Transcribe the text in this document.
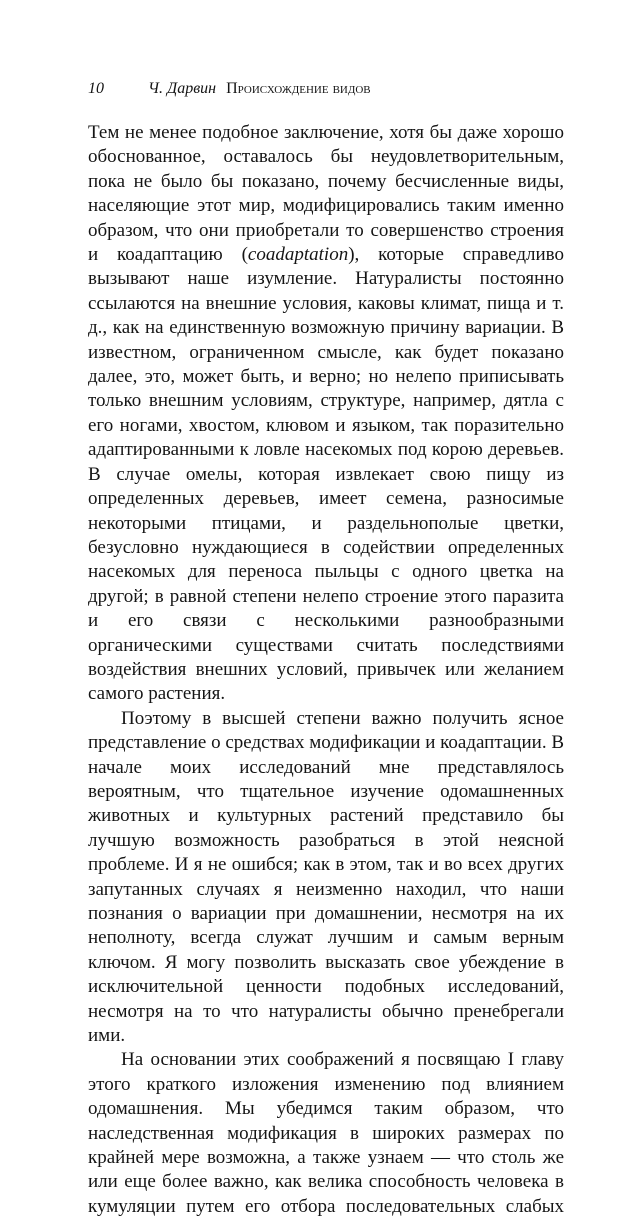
10	Ч. Дарвин Происхождение видов

Тем не менее подобное заключение, хотя бы даже хорошо обоснованное, оставалось бы неудовлетворительным, пока не было бы показано, почему бесчисленные виды, населяющие этот мир, модифицировались таким именно образом, что они приобретали то совершенство строения и коадаптацию (coadaptation), которые справедливо вызывают наше изумление. Натуралисты постоянно ссылаются на внешние условия, каковы климат, пища и т. д., как на единственную возможную причину вариации. В известном, ограниченном смысле, как будет показано далее, это, может быть, и верно; но нелепо приписывать только внешним условиям, структуре, например, дятла с его ногами, хвостом, клювом и языком, так поразительно адаптированными к ловле насекомых под корою деревьев. В случае омелы, которая извлекает свою пищу из определенных деревьев, имеет семена, разносимые некоторыми птицами, и раздельнополые цветки, безусловно нуждающиеся в содействии определенных насекомых для переноса пыльцы с одного цветка на другой; в равной степени нелепо строение этого паразита и его связи с несколькими разнообразными органическими существами считать последствиями воздействия внешних условий, привычек или желанием самого растения.

Поэтому в высшей степени важно получить ясное представление о средствах модификации и коадаптации. В начале моих исследований мне представлялось вероятным, что тщательное изучение одомашненных животных и культурных растений представило бы лучшую возможность разобраться в этой неясной проблеме. И я не ошибся; как в этом, так и во всех других запутанных случаях я неизменно находил, что наши познания о вариации при домашнении, несмотря на их неполноту, всегда служат лучшим и самым верным ключом. Я могу позволить высказать свое убеждение в исключительной ценности подобных исследований, несмотря на то что натуралисты обычно пренебрегали ими.

На основании этих соображений я посвящаю I главу этого краткого изложения изменению под влиянием одомашнения. Мы убедимся таким образом, что наследственная модификация в широких размерах по крайней мере возможна, а также узнаем — что столь же или еще более важно, как велика способность человека в кумуляции путем его отбора последовательных слабых
